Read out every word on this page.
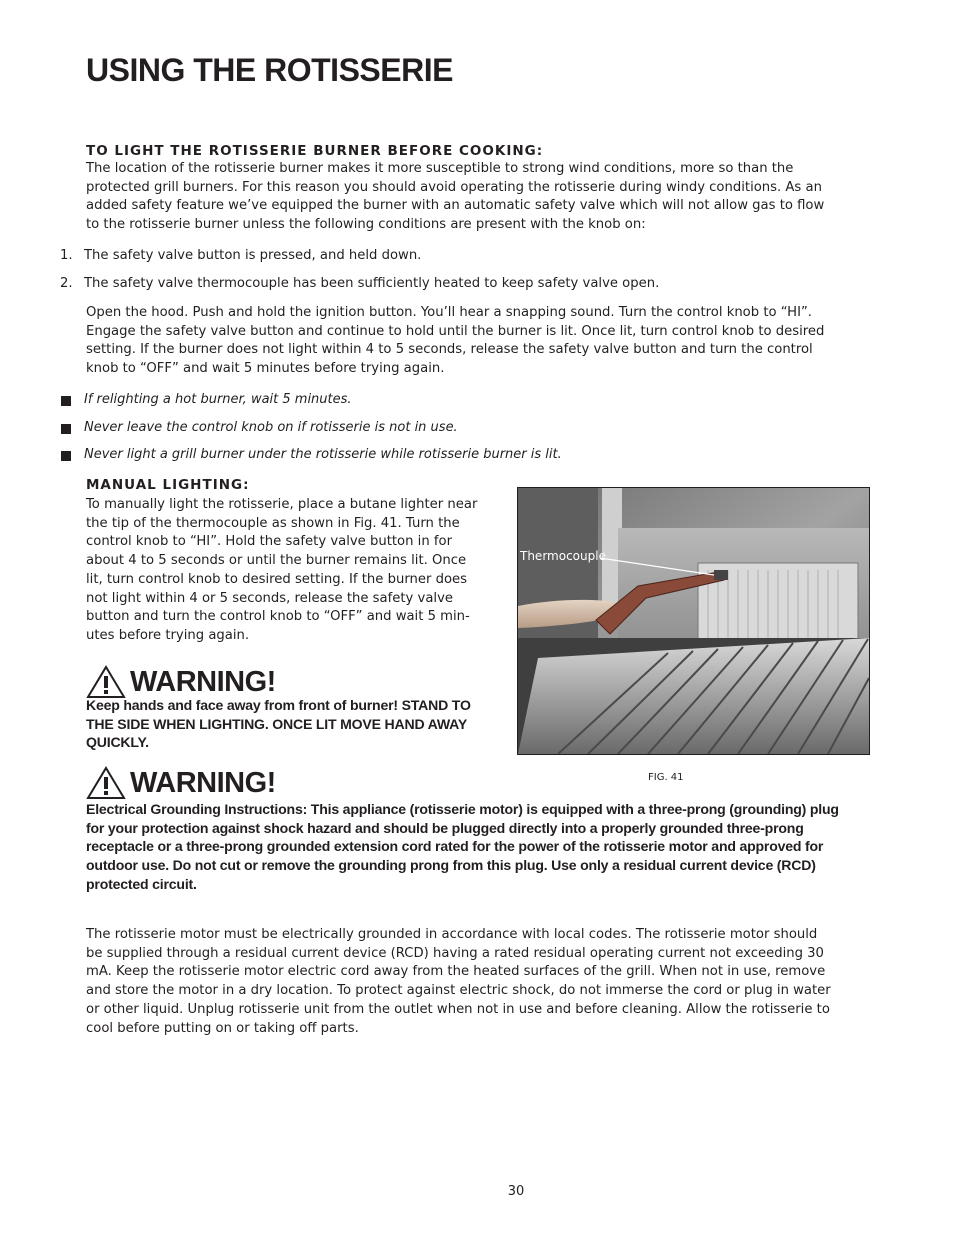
USING THE ROTISSERIE
TO LIGHT THE ROTISSERIE BURNER BEFORE COOKING:
The location of the rotisserie burner makes it more susceptible to strong wind conditions, more so than the
protected grill burners. For this reason you should avoid operating the rotisserie during windy conditions. As an
added safety feature we’ve equipped the burner with an automatic safety valve which will not allow gas to flow
to the rotisserie burner unless the following conditions are present with the knob on:
1. The safety valve button is pressed, and held down.
2. The safety valve thermocouple has been sufficiently heated to keep safety valve open.
Open the hood. Push and hold the ignition button. You’ll hear a snapping sound. Turn the control knob to “HI”.
Engage the safety valve button and continue to hold until the burner is lit. Once lit, turn control knob to desired
setting. If the burner does not light within 4 to 5 seconds, release the safety valve button and turn the control
knob to “OFF” and wait 5 minutes before trying again.
If relighting a hot burner, wait 5 minutes.
Never leave the control knob on if rotisserie is not in use.
Never light a grill burner under the rotisserie while rotisserie burner is lit.
MANUAL LIGHTING:
To manually light the rotisserie, place a butane lighter near
the tip of the thermocouple as shown in Fig. 41. Turn the
control knob to “HI”. Hold the safety valve button in for
about 4 to 5 seconds or until the burner remains lit. Once
lit, turn control knob to desired setting. If the burner does
not light within 4 or 5 seconds, release the safety valve
button and turn the control knob to “OFF” and wait 5 min-
utes before trying again.
WARNING!
Keep hands and face away from front of burner! STAND TO
THE SIDE WHEN LIGHTING. ONCE LIT MOVE HAND AWAY
QUICKLY.
Thermocouple
FIG. 41
WARNING!
Electrical Grounding Instructions: This appliance (rotisserie motor) is equipped with a three-prong (grounding) plug
for your protection against shock hazard and should be plugged directly into a properly grounded three-prong
receptacle or a three-prong grounded extension cord rated for the power of the rotisserie motor and approved for
outdoor use. Do not cut or remove the grounding prong from this plug. Use only a residual current device (RCD)
protected circuit.
The rotisserie motor must be electrically grounded in accordance with local codes. The rotisserie motor should
be supplied through a residual current device (RCD) having a rated residual operating current not exceeding 30
mA. Keep the rotisserie motor electric cord away from the heated surfaces of the grill. When not in use, remove
and store the motor in a dry location. To protect against electric shock, do not immerse the cord or plug in water
or other liquid. Unplug rotisserie unit from the outlet when not in use and before cleaning. Allow the rotisserie to
cool before putting on or taking off parts.
30
